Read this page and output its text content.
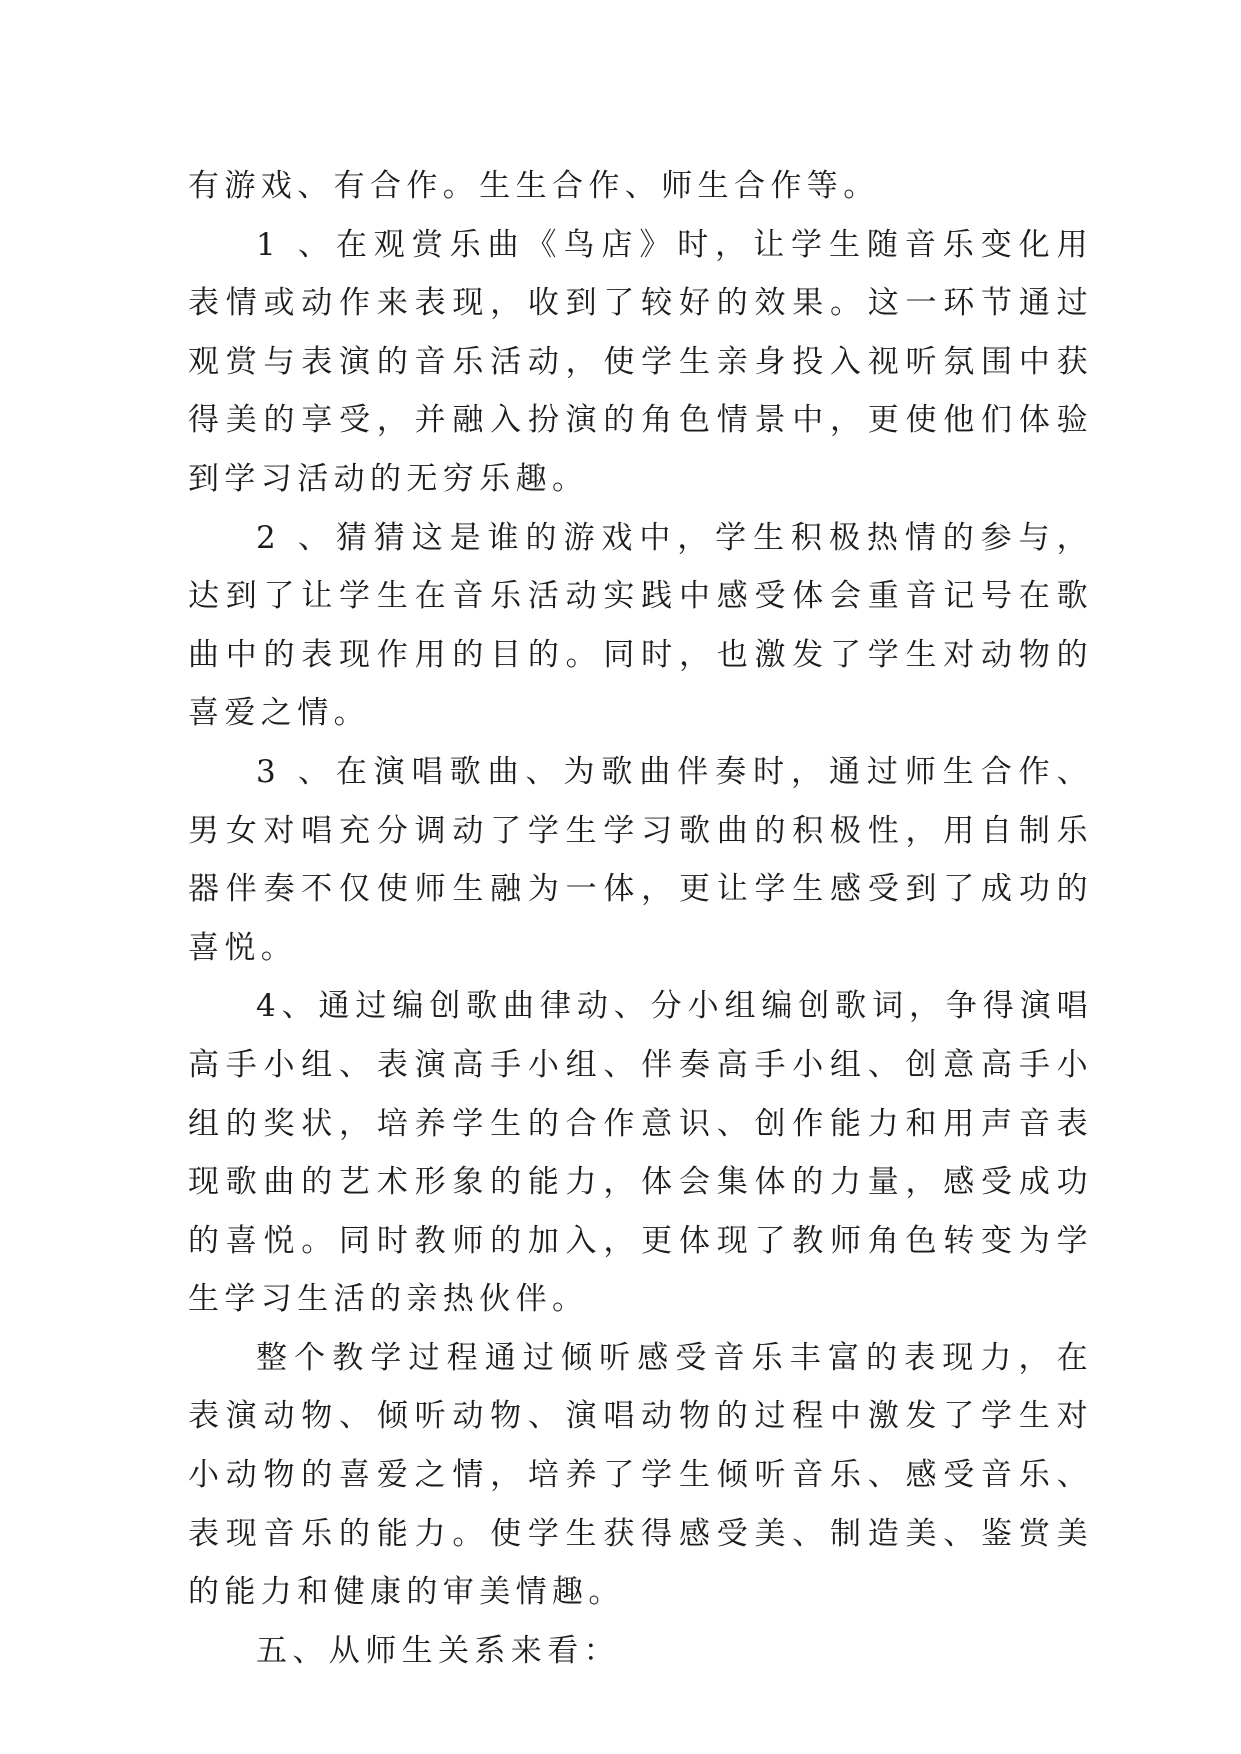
有游戏、有合作。生生合作、师生合作等。

1 、在观赏乐曲《鸟店》时，让学生随音乐变化用表情或动作来表现，收到了较好的效果。这一环节通过观赏与表演的音乐活动，使学生亲身投入视听氛围中获得美的享受，并融入扮演的角色情景中，更使他们体验到学习活动的无穷乐趣。

2 、猜猜这是谁的游戏中，学生积极热情的参与，达到了让学生在音乐活动实践中感受体会重音记号在歌曲中的表现作用的目的。同时，也激发了学生对动物的喜爱之情。

3 、在演唱歌曲、为歌曲伴奏时，通过师生合作、男女对唱充分调动了学生学习歌曲的积极性，用自制乐器伴奏不仅使师生融为一体，更让学生感受到了成功的喜悦。

4、通过编创歌曲律动、分小组编创歌词，争得演唱高手小组、表演高手小组、伴奏高手小组、创意高手小组的奖状，培养学生的合作意识、创作能力和用声音表现歌曲的艺术形象的能力，体会集体的力量，感受成功的喜悦。同时教师的加入，更体现了教师角色转变为学生学习生活的亲热伙伴。

整个教学过程通过倾听感受音乐丰富的表现力，在表演动物、倾听动物、演唱动物的过程中激发了学生对小动物的喜爱之情，培养了学生倾听音乐、感受音乐、表现音乐的能力。使学生获得感受美、制造美、鉴赏美的能力和健康的审美情趣。

五、从师生关系来看：
